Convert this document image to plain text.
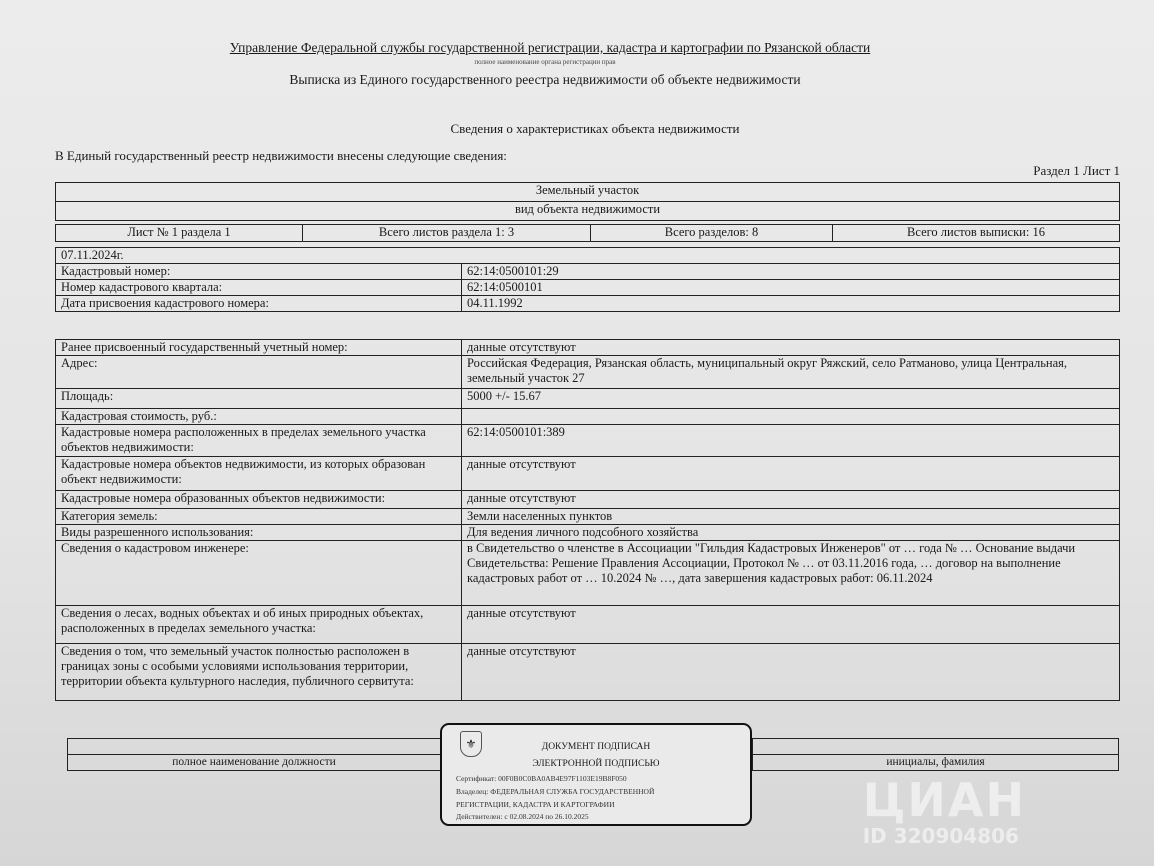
Управление Федеральной службы государственной регистрации, кадастра и картографии по Рязанской области
полное наименование органа регистрации прав
Выписка из Единого государственного реестра недвижимости об объекте недвижимости
Сведения о характеристиках объекта недвижимости
В Единый государственный реестр недвижимости внесены следующие сведения:
Раздел 1 Лист 1
Земельный участок
вид объекта недвижимости
Лист № 1 раздела 1	Всего листов раздела 1: 3	Всего разделов: 8	Всего листов выписки: 16
07.11.2024г.	
Кадастровый номер:	62:14:0500101:29
Номер кадастрового квартала:	62:14:0500101
Дата присвоения кадастрового номера:	04.11.1992
Ранее присвоенный государственный учетный номер:	данные отсутствуют
Адрес:	Российская Федерация, Рязанская область, муниципальный округ Ряжский, село Ратманово, улица Центральная, земельный участок 27
Площадь:	5000 +/- 15.67
Кадастровая стоимость, руб.:	
Кадастровые номера расположенных в пределах земельного участка объектов недвижимости:	62:14:0500101:389
Кадастровые номера объектов недвижимости, из которых образован объект недвижимости:	данные отсутствуют
Кадастровые номера образованных объектов недвижимости:	данные отсутствуют
Категория земель:	Земли населенных пунктов
Виды разрешенного использования:	Для ведения личного подсобного хозяйства
Сведения о кадастровом инженере:	в Свидетельство о членстве в Ассоциации "Гильдия Кадастровых Инженеров" от … года № … Основание выдачи Свидетельства: Решение Правления Ассоциации, Протокол № … от 03.11.2016 года, … договор на выполнение кадастровых работ от … 10.2024 № …, дата завершения кадастровых работ: 06.11.2024
Сведения о лесах, водных объектах и об иных природных объектах, расположенных в пределах земельного участка:	данные отсутствуют
Сведения о том, что земельный участок полностью расположен в границах зоны с особыми условиями использования территории, территории объекта культурного наследия, публичного сервитута:	данные отсутствуют

полное наименование должности		инициалы, фамилия
⚜	ДОКУМЕНТ ПОДПИСАН
ЭЛЕКТРОННОЙ ПОДПИСЬЮ
Сертификат: 00F0B0C0BA0AB4E97F1103E19B8F050
Владелец: ФЕДЕРАЛЬНАЯ СЛУЖБА ГОСУДАРСТВЕННОЙ
РЕГИСТРАЦИИ, КАДАСТРА И КАРТОГРАФИИ
Действителен: с 02.08.2024 по 26.10.2025	ЦИАН
ID 320904806
